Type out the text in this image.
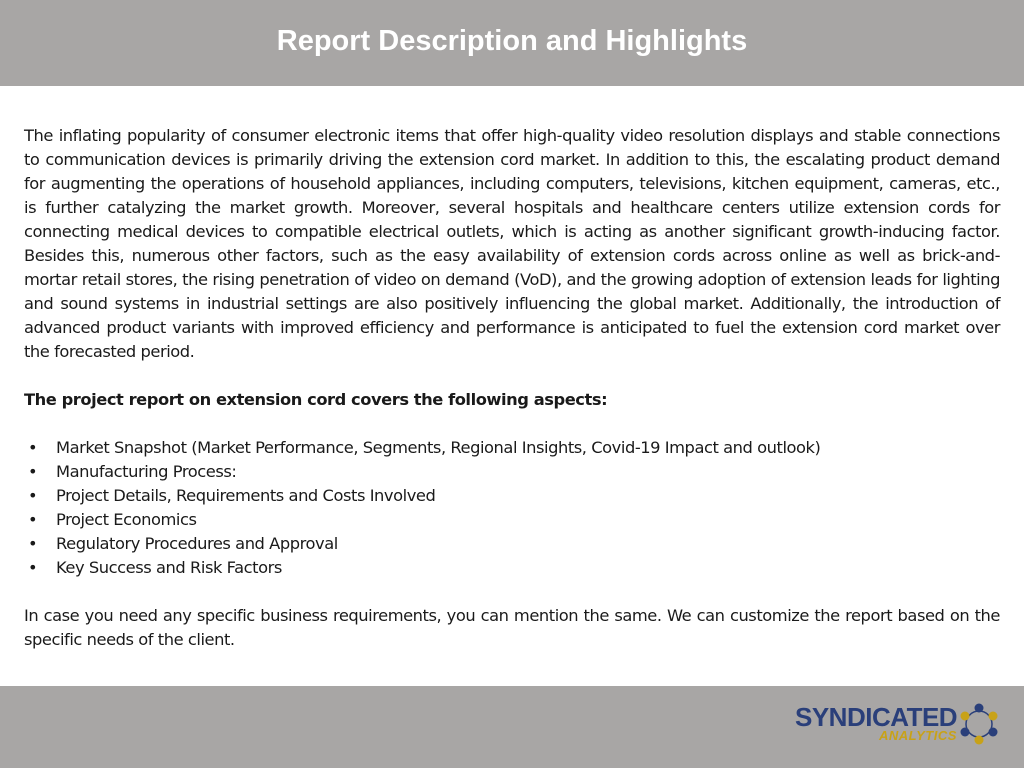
Report Description and Highlights

The inflating popularity of consumer electronic items that offer high-quality video resolution displays and stable connections to communication devices is primarily driving the extension cord market. In addition to this, the escalating product demand for augmenting the operations of household appliances, including computers, televisions, kitchen equipment, cameras, etc., is further catalyzing the market growth. Moreover, several hospitals and healthcare centers utilize extension cords for connecting medical devices to compatible electrical outlets, which is acting as another significant growth-inducing factor. Besides this, numerous other factors, such as the easy availability of extension cords across online as well as brick-and-mortar retail stores, the rising penetration of video on demand (VoD), and the growing adoption of extension leads for lighting and sound systems in industrial settings are also positively influencing the global market. Additionally, the introduction of advanced product variants with improved efficiency and performance is anticipated to fuel the extension cord market over the forecasted period.

The project report on extension cord covers the following aspects:

• Market Snapshot (Market Performance, Segments, Regional Insights, Covid-19 Impact and outlook)
• Manufacturing Process:
• Project Details, Requirements and Costs Involved
• Project Economics
• Regulatory Procedures and Approval
• Key Success and Risk Factors

In case you need any specific business requirements, you can mention the same. We can customize the report based on the specific needs of the client.

SYNDICATED
ANALYTICS
